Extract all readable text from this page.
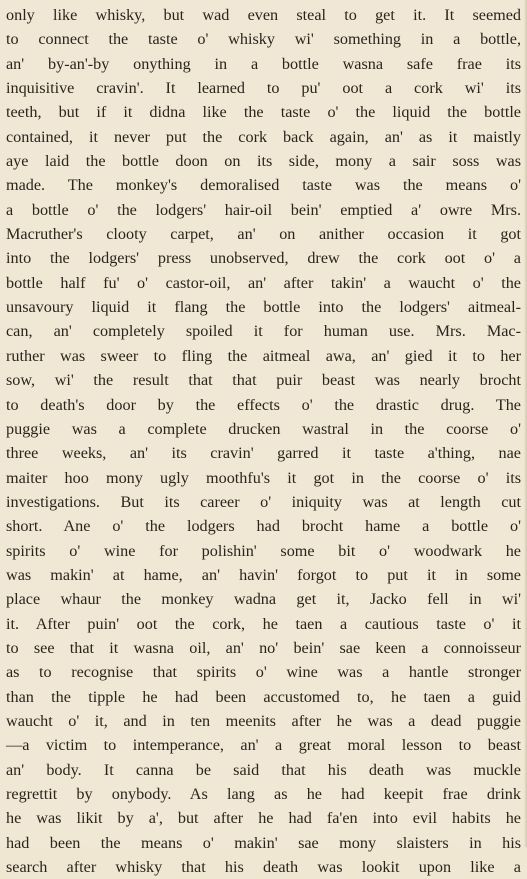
only like whisky, but wad even steal to get it. It seemed
to connect the taste o' whisky wi' something in a bottle,
an' by-an'-by onything in a bottle wasna safe frae its
inquisitive cravin'. It learned to pu' oot a cork wi' its
teeth, but if it didna like the taste o' the liquid the bottle
contained, it never put the cork back again, an' as it maistly
aye laid the bottle doon on its side, mony a sair soss was
made. The monkey's demoralised taste was the means o'
a bottle o' the lodgers' hair-oil bein' emptied a' owre Mrs.
Macruther's clooty carpet, an' on anither occasion it got
into the lodgers' press unobserved, drew the cork oot o' a
bottle half fu' o' castor-oil, an' after takin' a waucht o' the
unsavoury liquid it flang the bottle into the lodgers' aitmeal-
can, an' completely spoiled it for human use. Mrs. Mac-
ruther was sweer to fling the aitmeal awa, an' gied it to her
sow, wi' the result that that puir beast was nearly brocht
to death's door by the effects o' the drastic drug. The
puggie was a complete drucken wastral in the coorse o'
three weeks, an' its cravin' garred it taste a'thing, nae
maiter hoo mony ugly moothfu's it got in the coorse o' its
investigations. But its career o' iniquity was at length cut
short. Ane o' the lodgers had brocht hame a bottle o'
spirits o' wine for polishin' some bit o' woodwark he
was makin' at hame, an' havin' forgot to put it in some
place whaur the monkey wadna get it, Jacko fell in wi'
it. After puin' oot the cork, he taen a cautious taste o' it
to see that it wasna oil, an' no' bein' sae keen a connoisseur
as to recognise that spirits o' wine was a hantle stronger
than the tipple he had been accustomed to, he taen a guid
waucht o' it, and in ten meenits after he was a dead puggie
—a victim to intemperance, an' a great moral lesson to beast
an' body. It canna be said that his death was muckle
regrettit by onybody. As lang as he had keepit frae drink
he was likit by a', but after he had fa'en into evil habits he
had been the means o' makin' sae mony slaisters in his
search after whisky that his death was lookit upon like a
